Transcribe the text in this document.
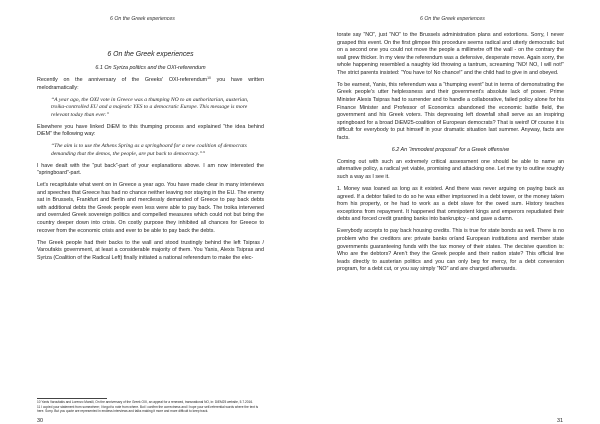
6 On the Greek experiences
6 On the Greek experiences
6.1 On Syriza politics and the OXI-referendum

Recently on the anniversary of the Greeks' OXI-referendum$^{10}$ you have written melodramatically:

“A year ago, the OXI vote in Greece was a thumping NO to an authoritarian, austerian, troika-controlled EU and a majestic YES to a democratic Europe. This message is more relevant today than ever.”

Elsewhere you have linked DiEM to this thumping process and explained “the idea behind DiEM” the following way:

“The aim is to use the Athens Spring as a springboard for a new coalition of democrats demanding that the demos, the people, are put back to democracy.”$^{11}$

I have dealt with the “put back”-part of your explanations above. I am now interested the “springboard”-part.

Let’s recapitulate what went on in Greece a year ago. You have made clear in many interviews and speeches that Greece has had no chance neither leaving nor staying in the EU. The enemy sat in Brussels, Frankfurt and Berlin and mercilessly demanded of Greece to pay back debts with additional debts the Greek people even less were able to pay back. The troika intervened and overruled Greek sovereign politics and compelled measures which could not but bring the country deeper down into crisis. On costly purpose they inhibited all chances for Greece to recover from the economic crisis and ever to be able to pay back the debts.

The Greek people had their backs to the wall and stood trustingly behind the left Tsipras / Varoufakis government, at least a considerable majority of them. You Yanis, Alexis Tsipras and Syriza (Coalition of the Radical Left) finally initiated a national referendum to make the elec-

10 Yanis Varoufakis and Lorenzo Marsili, On the anniversary of the Greek OXI, an appeal for a renewed, transnational NO, in: DiEM25 website, 5.7.2016.
11 I copied your statement from somewhere; I forgot to note from where. But I confirm the correctness and I hope your self-referential words where the text is here. Sorry. But you quote are represented in endless interviews and talks making it more and more difficult to keep track.
30
6 On the Greek experiences

torate say “NO”, just “NO” to the Brussels administration plans and extortions. Sorry, I never grasped this event. On the first glimpse this procedure seems radical and utterly democratic but on a second one you could not move the people a millimetre off the wall - on the contrary the wall grew thicker. In my view the referendum was a defensive, desperate move. Again sorry, the whole happening resembled a naughty kid throwing a tantrum, screaming “NO! NO, I will not!” The strict parents insisted: “You have to! No chance!” and the child had to give in and obeyed.

To be earnest, Yanis, this referendum was a “thumping event” but in terms of demonstrating the Greek people’s utter helplessness and their government’s absolute lack of power. Prime Minister Alexis Tsipras had to surrender and to handle a collaborative, failed policy alone for his Finance Minister and Professor of Economics abandoned the economic battle field, the government and his Greek voters. This depressing left downfall shall serve as an inspiring springboard for a broad DiEM25-coalition of European democrats? That is weird! Of course it is difficult for everybody to put himself in your dramatic situation last summer. Anyway, facts are facts.

6.2 An “immodest proposal” for a Greek offensive

Coming out with such an extremely critical assessment one should be able to name an alternative policy, a radical yet viable, promising and attacking one. Let me try to outline roughly such a way as I see it.

1. Money was loaned as long as it existed. And there was never arguing on paying back as agreed. If a debtor failed to do so he was either imprisoned in a debt tower, or the money taken from his property, or he had to work as a debt slave for the owed sum. History teaches exceptions from repayment. It happened that omnipotent kings and emperors repudiated their debts and forced credit granting banks into bankruptcy - and gave a damn.

Everybody accepts to pay back housing credits. This is true for state bonds as well. There is no problem who the creditors are: private banks or/and European institutions and member state governments guaranteeing funds with the tax money of their states. The decisive question is: Who are the debtors? Aren’t they the Greek people and their nation state? This official line leads directly to austerian politics and you can only beg for mercy, for a debt conversion program, for a debt cut, or you say simply “NO” and are charged afterwards.

31
